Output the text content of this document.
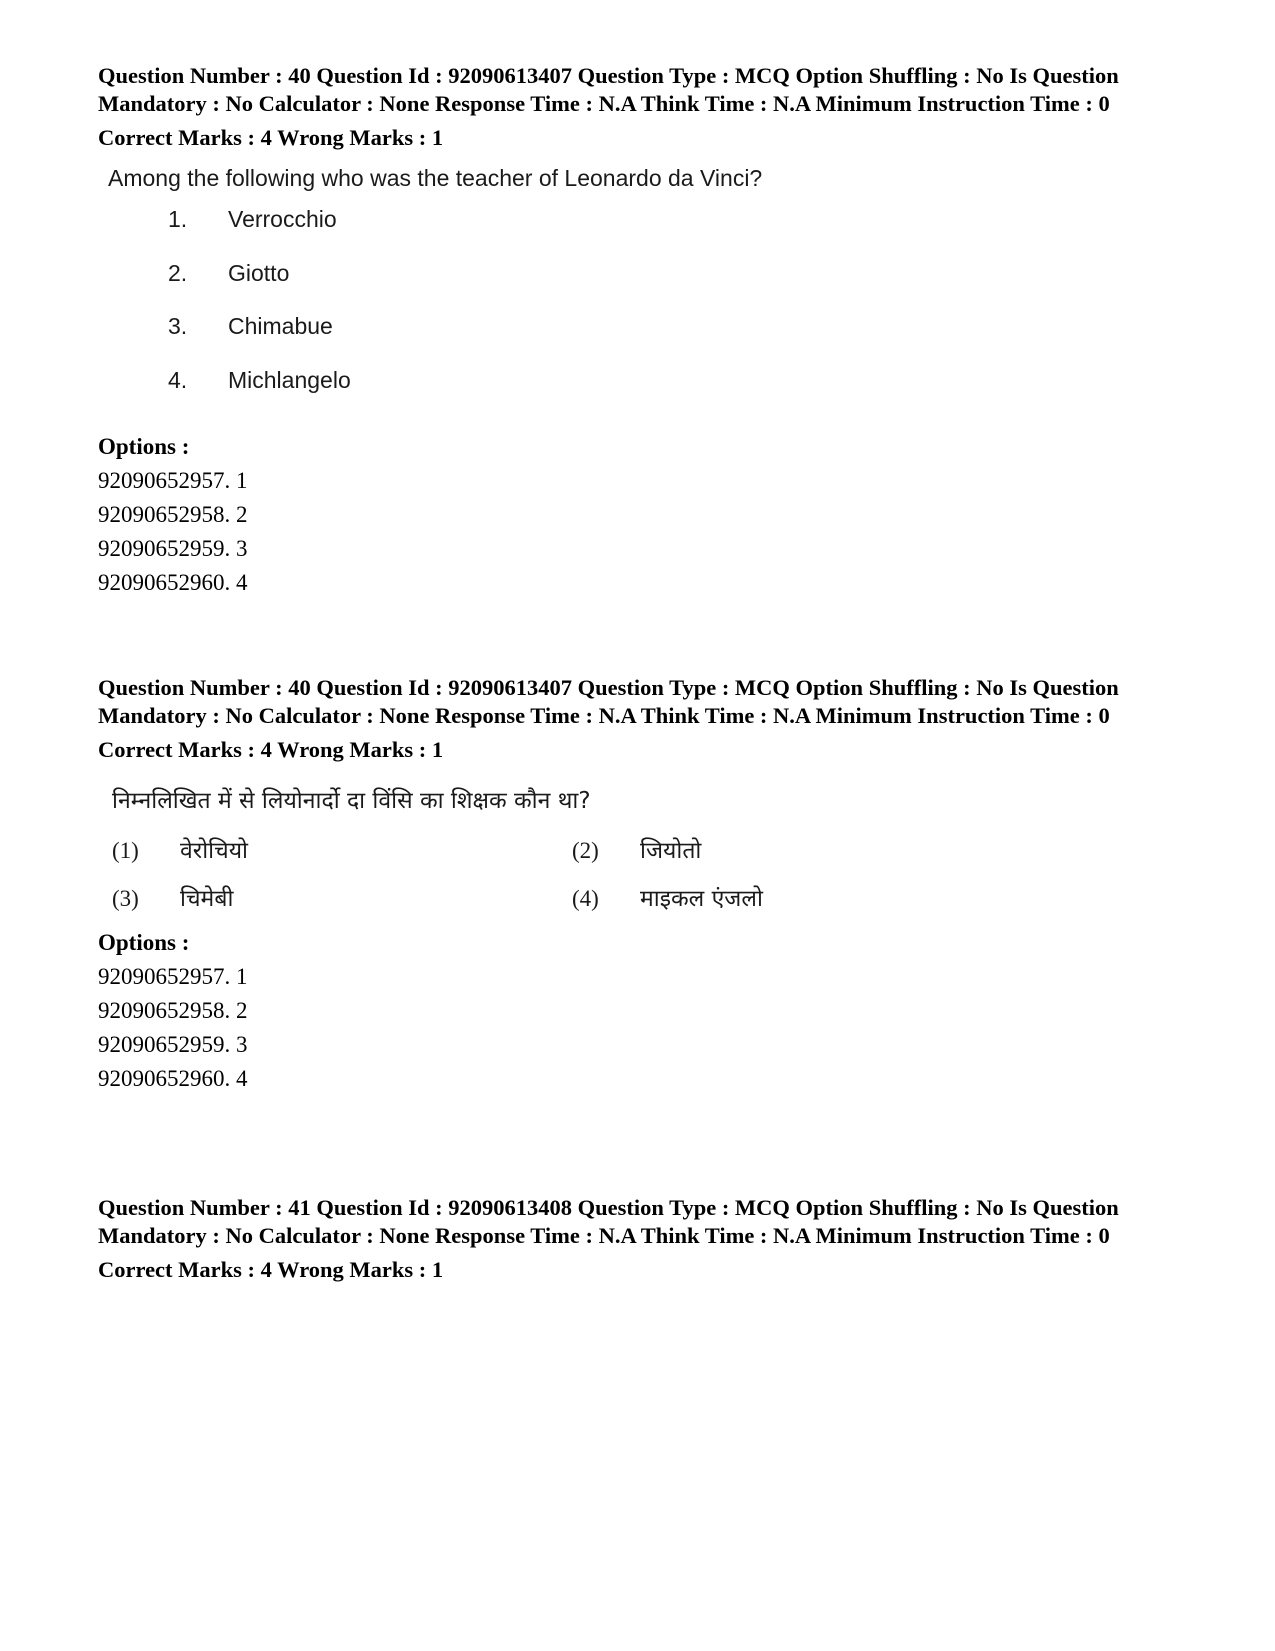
Question Number : 40 Question Id : 92090613407 Question Type : MCQ Option Shuffling : No Is Question Mandatory : No Calculator : None Response Time : N.A Think Time : N.A Minimum Instruction Time : 0

Correct Marks : 4 Wrong Marks : 1

Among the following who was the teacher of Leonardo da Vinci?

1.	Verrocchio
2.	Giotto
3.	Chimabue
4.	Michlangelo

Options :

92090652957. 1
92090652958. 2
92090652959. 3
92090652960. 4

Question Number : 40 Question Id : 92090613407 Question Type : MCQ Option Shuffling : No Is Question Mandatory : No Calculator : None Response Time : N.A Think Time : N.A Minimum Instruction Time : 0

Correct Marks : 4 Wrong Marks : 1

निम्नलिखित में से लियोनार्दो दा विंसि का शिक्षक कौन था?

(1)	वेरोचियो	(2)	जियोतो
(3)	चिमेबी	(4)	माइकल एंजलो

Options :

92090652957. 1
92090652958. 2
92090652959. 3
92090652960. 4

Question Number : 41 Question Id : 92090613408 Question Type : MCQ Option Shuffling : No Is Question Mandatory : No Calculator : None Response Time : N.A Think Time : N.A Minimum Instruction Time : 0

Correct Marks : 4 Wrong Marks : 1
